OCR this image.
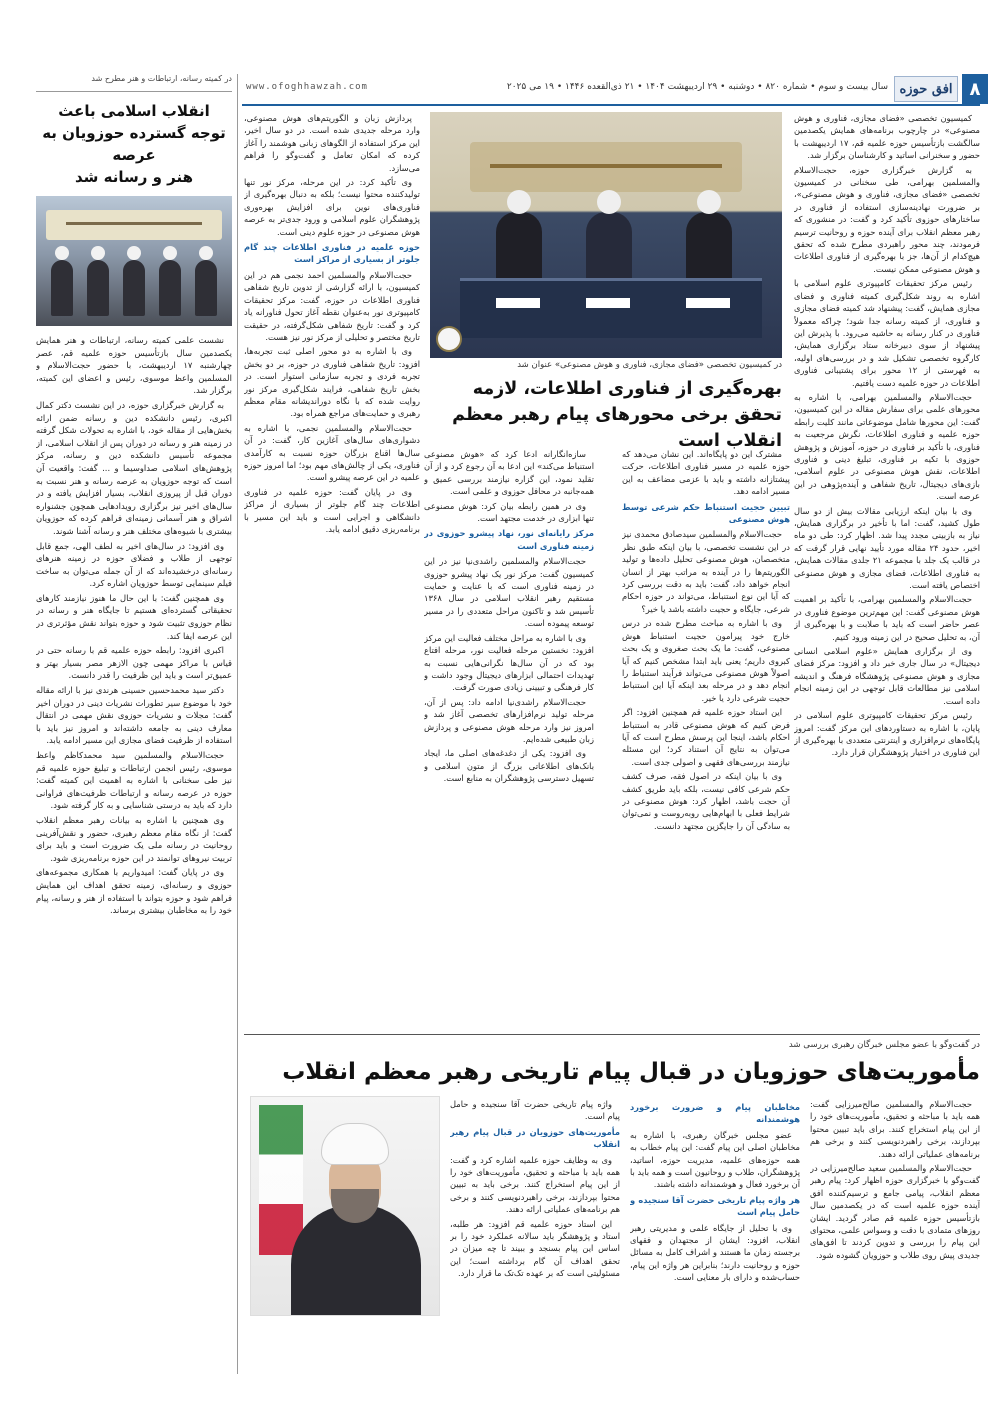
۸
افق حوزه
سال بیست و سوم • شماره ۸۲۰ • دوشنبه • ۲۹ اردیبهشت ۱۴۰۴ • ۲۱ ذی‌القعده ۱۴۴۶ • ۱۹ می ۲۰۲۵
www.ofoghhawzah.com
در کمیته رسانه، ارتباطات و هنر مطرح شد
انقلاب اسلامی باعث
توجه گسترده حوزویان به عرصه
هنر و رسانه شد

نشست علمی کمیته رسانه، ارتباطات و هنر همایش یکصدمین سال بازتأسیس حوزه علمیه قم، عصر چهارشنبه ۱۷ اردیبهشت، با حضور حجت‌الاسلام و المسلمین واعظ موسوی، رئیس و اعضای این کمیته، برگزار شد.

به گزارش خبرگزاری حوزه، در این نشست دکتر کمال اکبری، رئیس دانشکده دین و رسانه ضمن ارائه بخش‌هایی از مقاله خود، با اشاره به تحولات شکل گرفته در زمینه هنر و رسانه در دوران پس از انقلاب اسلامی، از مجموعه تأسیس دانشکده دین و رسانه، مرکز پژوهش‌های اسلامی صداوسیما و ... گفت: واقعیت آن است که توجه حوزویان به عرصه رسانه و هنر نسبت به دوران قبل از پیروزی انقلاب، بسیار افزایش یافته و در سال‌های اخیر نیز برگزاری رویدادهایی همچون جشنواره اشراق و هنر آسمانی زمینه‌ای فراهم کرده که حوزویان بیشتری با شیوه‌های مختلف هنر و رسانه آشنا شوند.

وی افزود: در سال‌های اخیر به لطف الهی، جمع قابل توجهی از طلاب و فضلای حوزه در زمینه هنرهای رسانه‌ای درخشیده‌اند که از آن جمله می‌توان به ساخت فیلم سینمایی توسط حوزویان اشاره کرد.

وی همچنین گفت: با این حال ما هنوز نیازمند کارهای تحقیقاتی گسترده‌ای هستیم تا جایگاه هنر و رسانه در نظام حوزوی تثبیت شود و حوزه بتواند نقش مؤثرتری در این عرصه ایفا کند.

اکبری افزود: رابطه حوزه علمیه قم با رسانه حتی در قیاس با مراکز مهمی چون الازهر مصر بسیار بهتر و عمیق‌تر است و باید این ظرفیت را قدر دانست.

دکتر سید محمدحسین حسینی هرندی نیز با ارائه مقاله خود با موضوع سیر تطورات نشریات دینی در دوران اخیر گفت: مجلات و نشریات حوزوی نقش مهمی در انتقال معارف دینی به جامعه داشته‌اند و امروز نیز باید با استفاده از ظرفیت فضای مجازی این مسیر ادامه یابد.

حجت‌الاسلام والمسلمین سید محمدکاظم واعظ موسوی، رئیس انجمن ارتباطات و تبلیغ حوزه علمیه قم نیز طی سخنانی با اشاره به اهمیت این کمیته گفت: حوزه در عرصه رسانه و ارتباطات ظرفیت‌های فراوانی دارد که باید به درستی شناسایی و به کار گرفته شود.

وی همچنین با اشاره به بیانات رهبر معظم انقلاب گفت: از نگاه مقام معظم رهبری، حضور و نقش‌آفرینی روحانیت در رسانه ملی یک ضرورت است و باید برای تربیت نیروهای توانمند در این حوزه برنامه‌ریزی شود.

وی در پایان گفت: امیدواریم با همکاری مجموعه‌های حوزوی و رسانه‌ای، زمینه تحقق اهداف این همایش فراهم شود و حوزه بتواند با استفاده از هنر و رسانه، پیام خود را به مخاطبان بیشتری برساند.

کمیسیون تخصصی «فضای مجازی، فناوری و هوش مصنوعی» در چارچوب برنامه‌های همایش یکصدمین سالگشت بازتأسیس حوزه علمیه قم، ۱۷ اردیبهشت با حضور و سخنرانی اساتید و کارشناسان برگزار شد.

به گزارش خبرگزاری حوزه، حجت‌الاسلام والمسلمین بهرامی، طی سخنانی در کمیسیون تخصصی «فضای مجازی، فناوری و هوش مصنوعی»، بر ضرورت نهادینه‌سازی استفاده از فناوری در ساختارهای حوزوی تأکید کرد و گفت: در منشوری که رهبر معظم انقلاب برای آینده حوزه و روحانیت ترسیم فرمودند، چند محور راهبردی مطرح شده که تحقق هیچ‌کدام از آن‌ها، جز با بهره‌گیری از فناوری اطلاعات و هوش مصنوعی ممکن نیست.

رئیس مرکز تحقیقات کامپیوتری علوم اسلامی با اشاره به روند شکل‌گیری کمیته فناوری و فضای مجازی همایش، گفت: پیشنهاد شد کمیته فضای مجازی و فناوری، از کمیته رسانه جدا شود؛ چراکه معمولاً فناوری در کنار رسانه به حاشیه می‌رود. با پذیرش این پیشنهاد از سوی دبیرخانه ستاد برگزاری همایش، کارگروه تخصصی تشکیل شد و در بررسی‌های اولیه، به فهرستی از ۱۲ محور برای پشتیبانی فناوری اطلاعات در حوزه علمیه دست یافتیم.

حجت‌الاسلام والمسلمین بهرامی، با اشاره به محورهای علمی برای سفارش مقاله در این کمیسیون، گفت: این محورها شامل موضوعاتی مانند کلیت رابطه حوزه علمیه و فناوری اطلاعات، نگرش مرجعیت به فناوری، با تأکید بر فناوری در حوزه، آموزش و پژوهش حوزوی با تکیه بر فناوری، تبلیغ دینی و فناوری اطلاعات، نقش هوش مصنوعی در علوم اسلامی، بازی‌های دیجیتال، تاریخ شفاهی و آینده‌پژوهی در این عرصه است.

وی با بیان اینکه ارزیابی مقالات بیش از دو سال طول کشید، گفت: اما با تأخیر در برگزاری همایش، نیاز به بازبینی مجدد پیدا شد. اظهار کرد: طی دو ماه اخیر، حدود ۲۴ مقاله مورد تأیید نهایی قرار گرفت که در قالب یک جلد با مجموعه ۲۱ جلدی مقالات همایش، به فناوری اطلاعات، فضای مجازی و هوش مصنوعی اختصاص یافته است.

حجت‌الاسلام والمسلمین بهرامی، با تأکید بر اهمیت هوش مصنوعی گفت: این مهم‌ترین موضوع فناوری در عصر حاضر است که باید با صلابت و با بهره‌گیری از آن، به تحلیل صحیح در این زمینه ورود کنیم.

وی از برگزاری همایش «علوم اسلامی انسانی دیجیتال» در سال جاری خبر داد و افزود: مرکز فضای مجازی و هوش مصنوعی پژوهشگاه فرهنگ و اندیشه اسلامی نیز مطالعات قابل توجهی در این زمینه انجام داده است.

رئیس مرکز تحقیقات کامپیوتری علوم اسلامی در پایان، با اشاره به دستاوردهای این مرکز گفت: امروز پایگاه‌های نرم‌افزاری و اینترنتی متعددی با بهره‌گیری از این فناوری در اختیار پژوهشگران قرار دارد.

در کمیسیون تخصصی «فضای مجازی، فناوری و هوش مصنوعی» عنوان شد
بهره‌گیری از فناوری اطلاعات، لازمه تحقق برخی محورهای پیام رهبر معظم انقلاب است

مشترک این دو پایگاه‌اند. این نشان می‌دهد که حوزه علمیه در مسیر فناوری اطلاعات، حرکت پیشتازانه داشته و باید با عزمی مضاعف به این مسیر ادامه دهد.

تبیین حجیت استنباط حکم شرعی توسط هوش مصنوعی

حجت‌الاسلام والمسلمین سیدصادق محمدی نیز در این نشست تخصصی، با بیان اینکه طبق نظر متخصصان، هوش مصنوعی تحلیل داده‌ها و تولید الگوریتم‌ها را در آینده به مراتب بهتر از انسان انجام خواهد داد، گفت: باید به دقت بررسی کرد که آیا این نوع استنباط، می‌تواند در حوزه احکام شرعی، جایگاه و حجیت داشته باشد یا خیر؟

وی با اشاره به مباحث مطرح شده در درس خارج خود پیرامون حجیت استنباط هوش مصنوعی، گفت: ما یک بحث صغروی و یک بحث کبروی داریم؛ یعنی باید ابتدا مشخص کنیم که آیا اصولاً هوش مصنوعی می‌تواند فرآیند استنباط را انجام دهد و در مرحله بعد اینکه آیا این استنباط حجیت شرعی دارد یا خیر.

این استاد حوزه علمیه قم همچنین افزود: اگر فرض کنیم که هوش مصنوعی قادر به استنباط احکام باشد، اینجا این پرسش مطرح است که آیا می‌توان به نتایج آن استناد کرد؛ این مسئله نیازمند بررسی‌های فقهی و اصولی جدی است.

وی با بیان اینکه در اصول فقه، صرف کشف حکم شرعی کافی نیست، بلکه باید طریق کشف آن حجت باشد، اظهار کرد: هوش مصنوعی در شرایط فعلی با ابهام‌هایی روبه‌روست و نمی‌توان به سادگی آن را جایگزین مجتهد دانست.

سازه‌انگارانه ادعا کرد که «هوش مصنوعی استنباط می‌کند» این ادعا به آن رجوع کرد و از آن تقلید نمود، این گزاره نیازمند بررسی عمیق و همه‌جانبه در محافل حوزوی و علمی است.

وی در همین رابطه بیان کرد: هوش مصنوعی تنها ابزاری در خدمت مجتهد است.

مرکز رایانه‌ای نور، نهاد پیشرو حوزوی در زمینه فناوری است

حجت‌الاسلام والمسلمین راشدی‌نیا نیز در این کمیسیون گفت: مرکز نور یک نهاد پیشرو حوزوی در زمینه فناوری است که با عنایت و حمایت مستقیم رهبر انقلاب اسلامی در سال ۱۳۶۸ تأسیس شد و تاکنون مراحل متعددی را در مسیر توسعه پیموده است.

وی با اشاره به مراحل مختلف فعالیت این مرکز افزود: نخستین مرحله فعالیت نور، مرحله افتاع بود که در آن سال‌ها نگرانی‌هایی نسبت به تهدیدات احتمالی ابزارهای دیجیتال وجود داشت و کار فرهنگی و تبیینی زیادی صورت گرفت.

حجت‌الاسلام راشدی‌نیا ادامه داد: پس از آن، مرحله تولید نرم‌افزارهای تخصصی آغاز شد و امروز نیز وارد مرحله هوش مصنوعی و پردازش زبان طبیعی شده‌ایم.

وی افزود: یکی از دغدغه‌های اصلی ما، ایجاد بانک‌های اطلاعاتی بزرگ از متون اسلامی و تسهیل دسترسی پژوهشگران به منابع است.

پردازش زبان و الگوریتم‌های هوش مصنوعی، وارد مرحله جدیدی شده است. در دو سال اخیر، این مرکز استفاده از الگوهای زبانی هوشمند را آغاز کرده که امکان تعامل و گفت‌وگو را فراهم می‌سازد.

وی تأکید کرد: در این مرحله، مرکز نور تنها تولیدکننده محتوا نیست؛ بلکه به دنبال بهره‌گیری از فناوری‌های نوین برای افزایش بهره‌وری پژوهشگران علوم اسلامی و ورود جدی‌تر به عرصه هوش مصنوعی در حوزه علوم دینی است.

حوزه علمیه در فناوری اطلاعات چند گام جلوتر از بسیاری از مراکز است

حجت‌الاسلام والمسلمین احمد نجمی هم در این کمیسیون، با ارائه گزارشی از تدوین تاریخ شفاهی فناوری اطلاعات در حوزه، گفت: مرکز تحقیقات کامپیوتری نور به‌عنوان نقطه آغاز تحول فناورانه یاد کرد و گفت: تاریخ شفاهی شکل‌گرفته، در حقیقت تاریخ مختصر و تحلیلی از مرکز نور نیز هست.

وی با اشاره به دو محور اصلی ثبت تجربه‌ها، افزود: تاریخ شفاهی فناوری در حوزه، بر دو بخش تجربه فردی و تجربه سازمانی استوار است. در بخش تاریخ شفاهی، فرایند شکل‌گیری مرکز نور روایت شده که با نگاه دوراندیشانه مقام معظم رهبری و حمایت‌های مراجع همراه بود.

حجت‌الاسلام والمسلمین نجمی، با اشاره به دشواری‌های سال‌های آغازین کار، گفت: در آن سال‌ها اقناع بزرگان حوزه نسبت به کارآمدی فناوری، یکی از چالش‌های مهم بود؛ اما امروز حوزه علمیه در این عرصه پیشرو است.

وی در پایان گفت: حوزه علمیه در فناوری اطلاعات چند گام جلوتر از بسیاری از مراکز دانشگاهی و اجرایی است و باید این مسیر با برنامه‌ریزی دقیق ادامه یابد.

در گفت‌وگو با عضو مجلس خبرگان رهبری بررسی شد
مأموریت‌های حوزویان در قبال پیام تاریخی رهبر معظم انقلاب

حجت‌الاسلام والمسلمین صالح‌میرزایی گفت: همه باید با مباحثه و تحقیق، مأموریت‌های خود را از این پیام استخراج کنند. برای باید تبیین محتوا بپردازند، برخی راهبردنویسی کنند و برخی هم برنامه‌های عملیاتی ارائه دهند.

حجت‌الاسلام والمسلمین سعید صالح‌میرزایی در گفت‌وگو با خبرگزاری حوزه اظهار کرد: پیام رهبر معظم انقلاب، پیامی جامع و ترسیم‌کننده افق آینده حوزه علمیه است که در یکصدمین سال بازتأسیس حوزه علمیه قم صادر گردید. ایشان روزهای متمادی با دقت و وسواس علمی، محتوای این پیام را بررسی و تدوین کردند تا افق‌های جدیدی پیش روی طلاب و حوزویان گشوده شود.

مخاطبان پیام و ضرورت برخورد هوشمندانه

عضو مجلس خبرگان رهبری، با اشاره به مخاطبان اصلی این پیام گفت: این پیام خطاب به همه حوزه‌های علمیه، مدیریت حوزه، اساتید، پژوهشگران، طلاب و روحانیون است و همه باید با آن برخورد فعال و هوشمندانه داشته باشند.

هر واژه پیام تاریخی حضرت آقا سنجیده و حامل پیام است

وی با تحلیل از جایگاه علمی و مدیریتی رهبر انقلاب، افزود: ایشان از مجتهدان و فقهای برجسته زمان ما هستند و اشراف کامل به مسائل حوزه و روحانیت دارند؛ بنابراین هر واژه این پیام، حساب‌شده و دارای بار معنایی است.

واژه پیام تاریخی حضرت آقا سنجیده و حامل پیام است.

مأموریت‌های حوزویان در قبال پیام رهبر انقلاب

وی به وظایف حوزه علمیه اشاره کرد و گفت: همه باید با مباحثه و تحقیق، مأموریت‌های خود را از این پیام استخراج کنند. برخی باید به تبیین محتوا بپردازند، برخی راهبردنویسی کنند و برخی هم برنامه‌های عملیاتی ارائه دهند.

این استاد حوزه علمیه قم افزود: هر طلبه، استاد و پژوهشگر باید سالانه عملکرد خود را بر اساس این پیام بسنجد و ببیند تا چه میزان در تحقق اهداف آن گام برداشته است؛ این مسئولیتی است که بر عهده تک‌تک ما قرار دارد.
